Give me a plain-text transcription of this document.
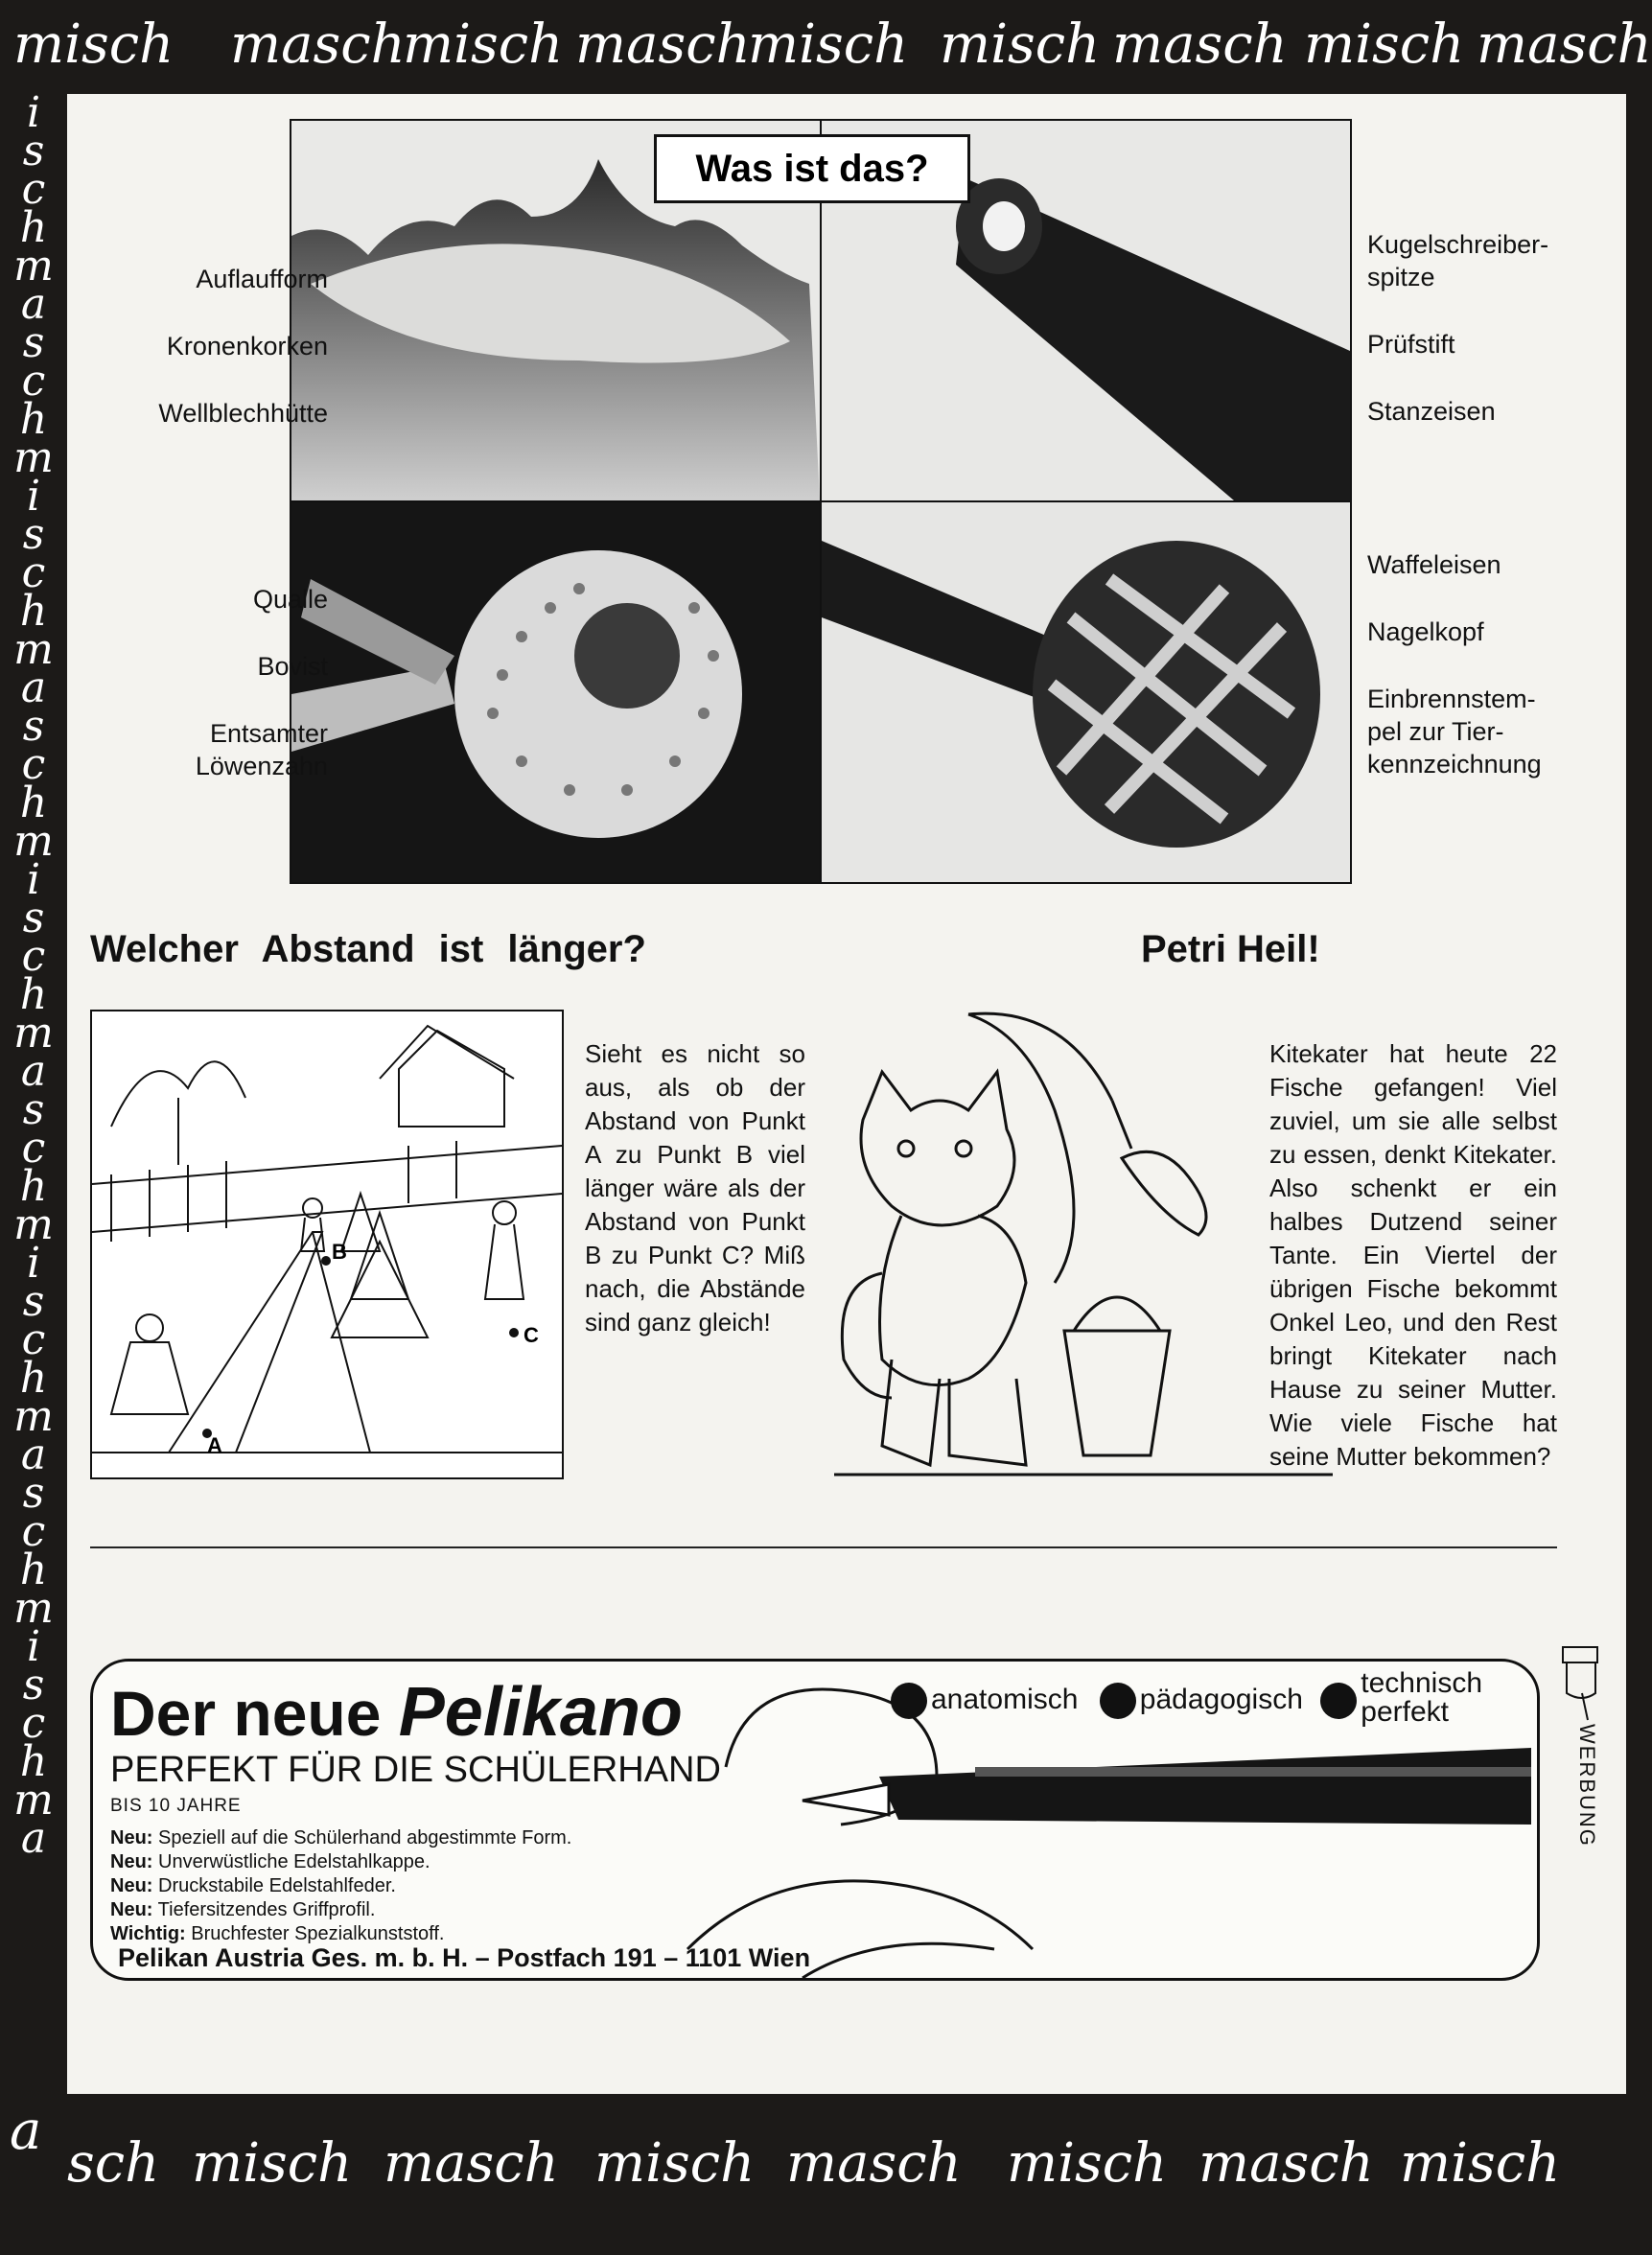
misch masch
misch masch
misch misch masch misch masch
i
s
c
h
m
a
s
c
h
m
i
s
c
h
m
a
s
c
h
m
i
s
c
h
m
a
s
c
h
m
i
s
c
h
m
a
s
c
h
m
i
s
c
h
m
a
a
sch misch masch misch masch misch masch misch
Was ist das?
Auflaufform
Kronenkorken
Wellblechhütte
Kugelschreiber-
spitze
Prüfstift
Stanzeisen
Qualle
Bovist
Entsamter
Löwenzahn
Waffeleisen
Nagelkopf
Einbrennstem-
pel zur Tier-
kennzeichnung
Welcher Abstand ist länger?
A
B
C
Sieht es nicht so aus, als ob der Abstand von Punkt A zu Punkt B viel länger wäre als der Abstand von Punkt B zu Punkt C? Miß nach, die Abstände sind ganz gleich!
Petri Heil!
Kitekater hat heute 22 Fische gefangen! Viel zuviel, um sie alle selbst zu essen, denkt Kitekater. Also schenkt er ein halbes Dutzend seiner Tante. Ein Viertel der übrigen Fische bekommt Onkel Leo, und den Rest bringt Kitekater nach Hause zu seiner Mutter. Wie viele Fische hat seine Mutter bekommen?
Der neue Pelikano	anatomisch pädagogisch technisch
perfekt
PERFEKT FÜR DIE SCHÜLERHAND
BIS 10 JAHRE
Neu: Speziell auf die Schülerhand abgestimmte Form.
Neu: Unverwüstliche Edelstahlkappe.
Neu: Druckstabile Edelstahlfeder.
Neu: Tiefersitzendes Griffprofil.
Wichtig: Bruchfester Spezialkunststoff.
Pelikan Austria Ges. m. b. H. – Postfach 191 – 1101 Wien
WERBUNG
